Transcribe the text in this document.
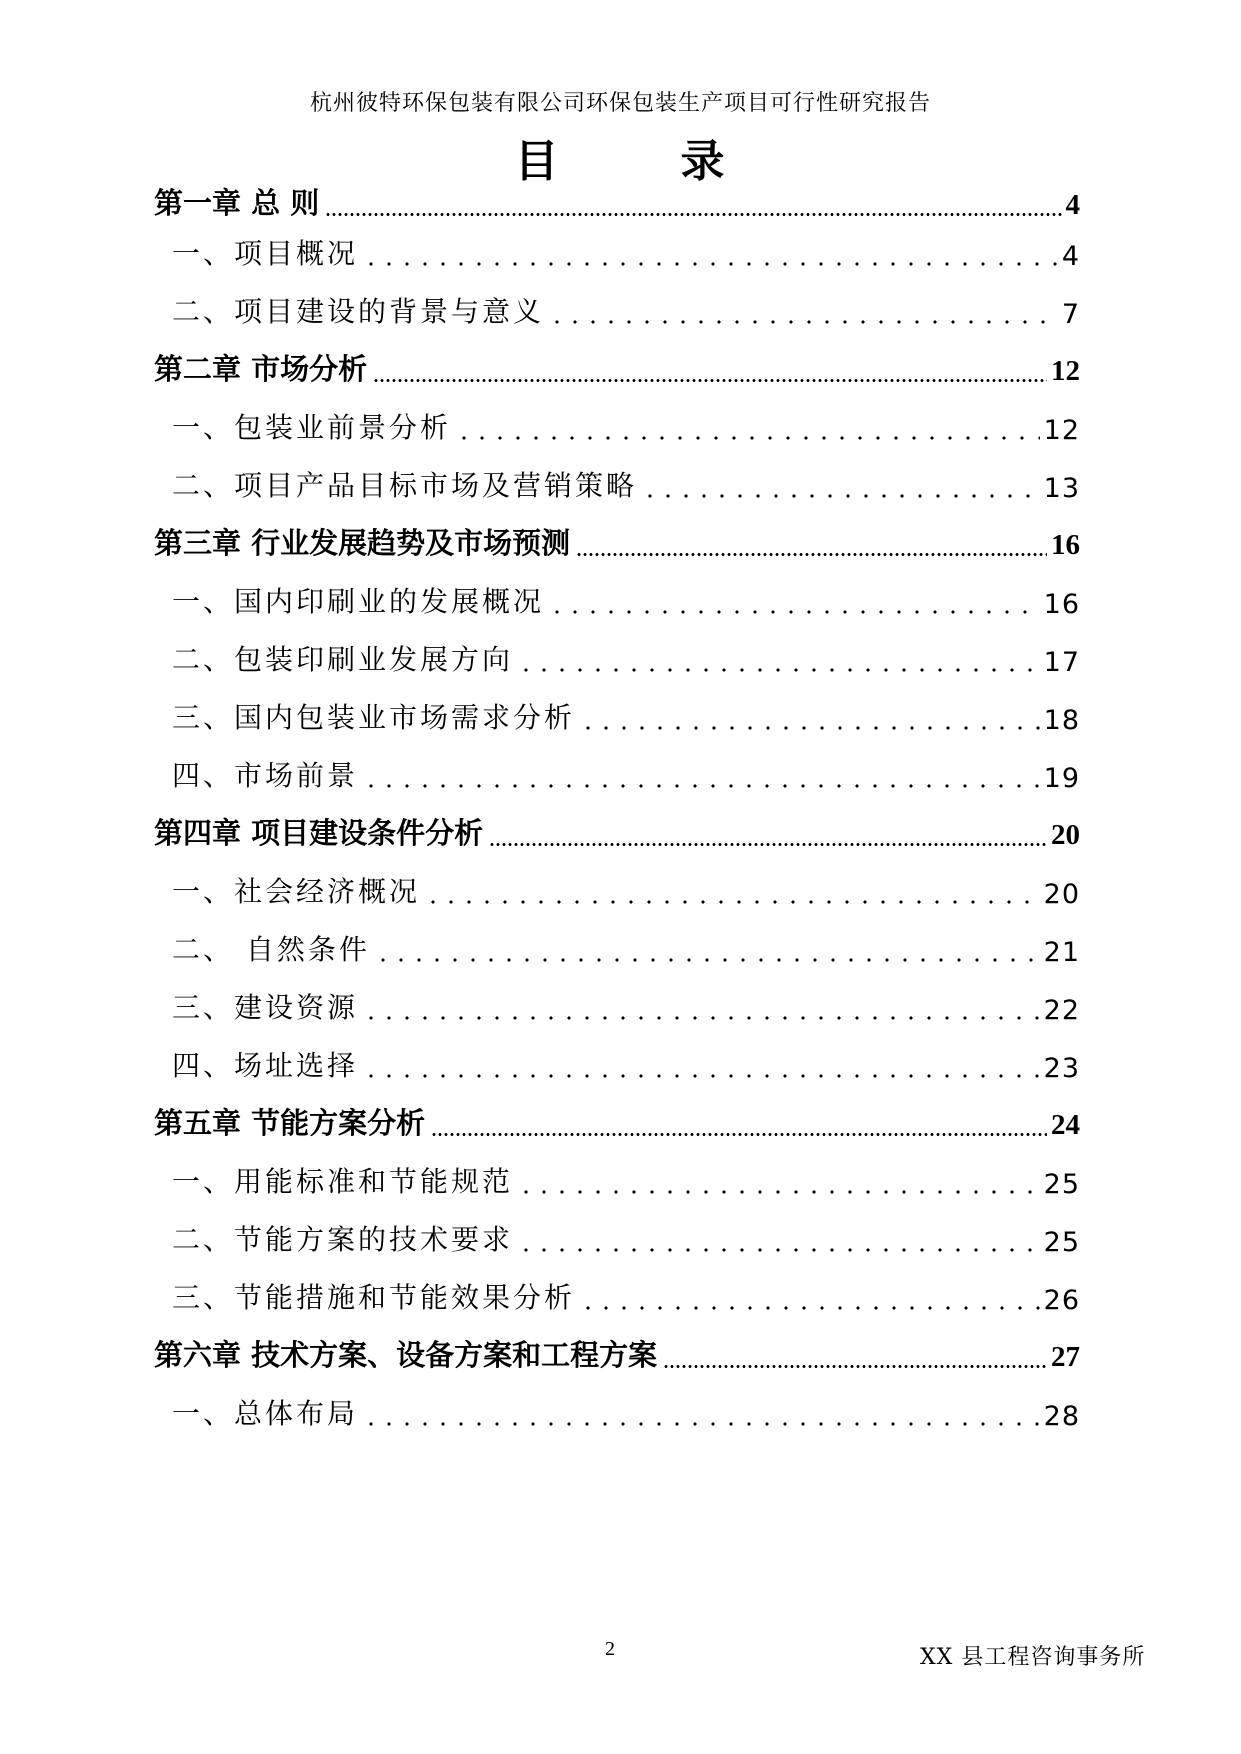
杭州彼特环保包装有限公司环保包装生产项目可行性研究报告
目	录
第一章 总 则	4
一、项目概况	4
二、项目建设的背景与意义	7
第二章 市场分析	12
一、包装业前景分析	12
二、项目产品目标市场及营销策略	13
第三章 行业发展趋势及市场预测	16
一、国内印刷业的发展概况	16
二、包装印刷业发展方向	17
三、国内包装业市场需求分析	18
四、市场前景	19
第四章 项目建设条件分析	20
一、社会经济概况	20
二、 自然条件	21
三、建设资源	22
四、场址选择	23
第五章 节能方案分析	24
一、用能标准和节能规范	25
二、节能方案的技术要求	25
三、节能措施和节能效果分析	26
第六章 技术方案、设备方案和工程方案	27
一、总体布局	28
2	XX 县工程咨询事务所
